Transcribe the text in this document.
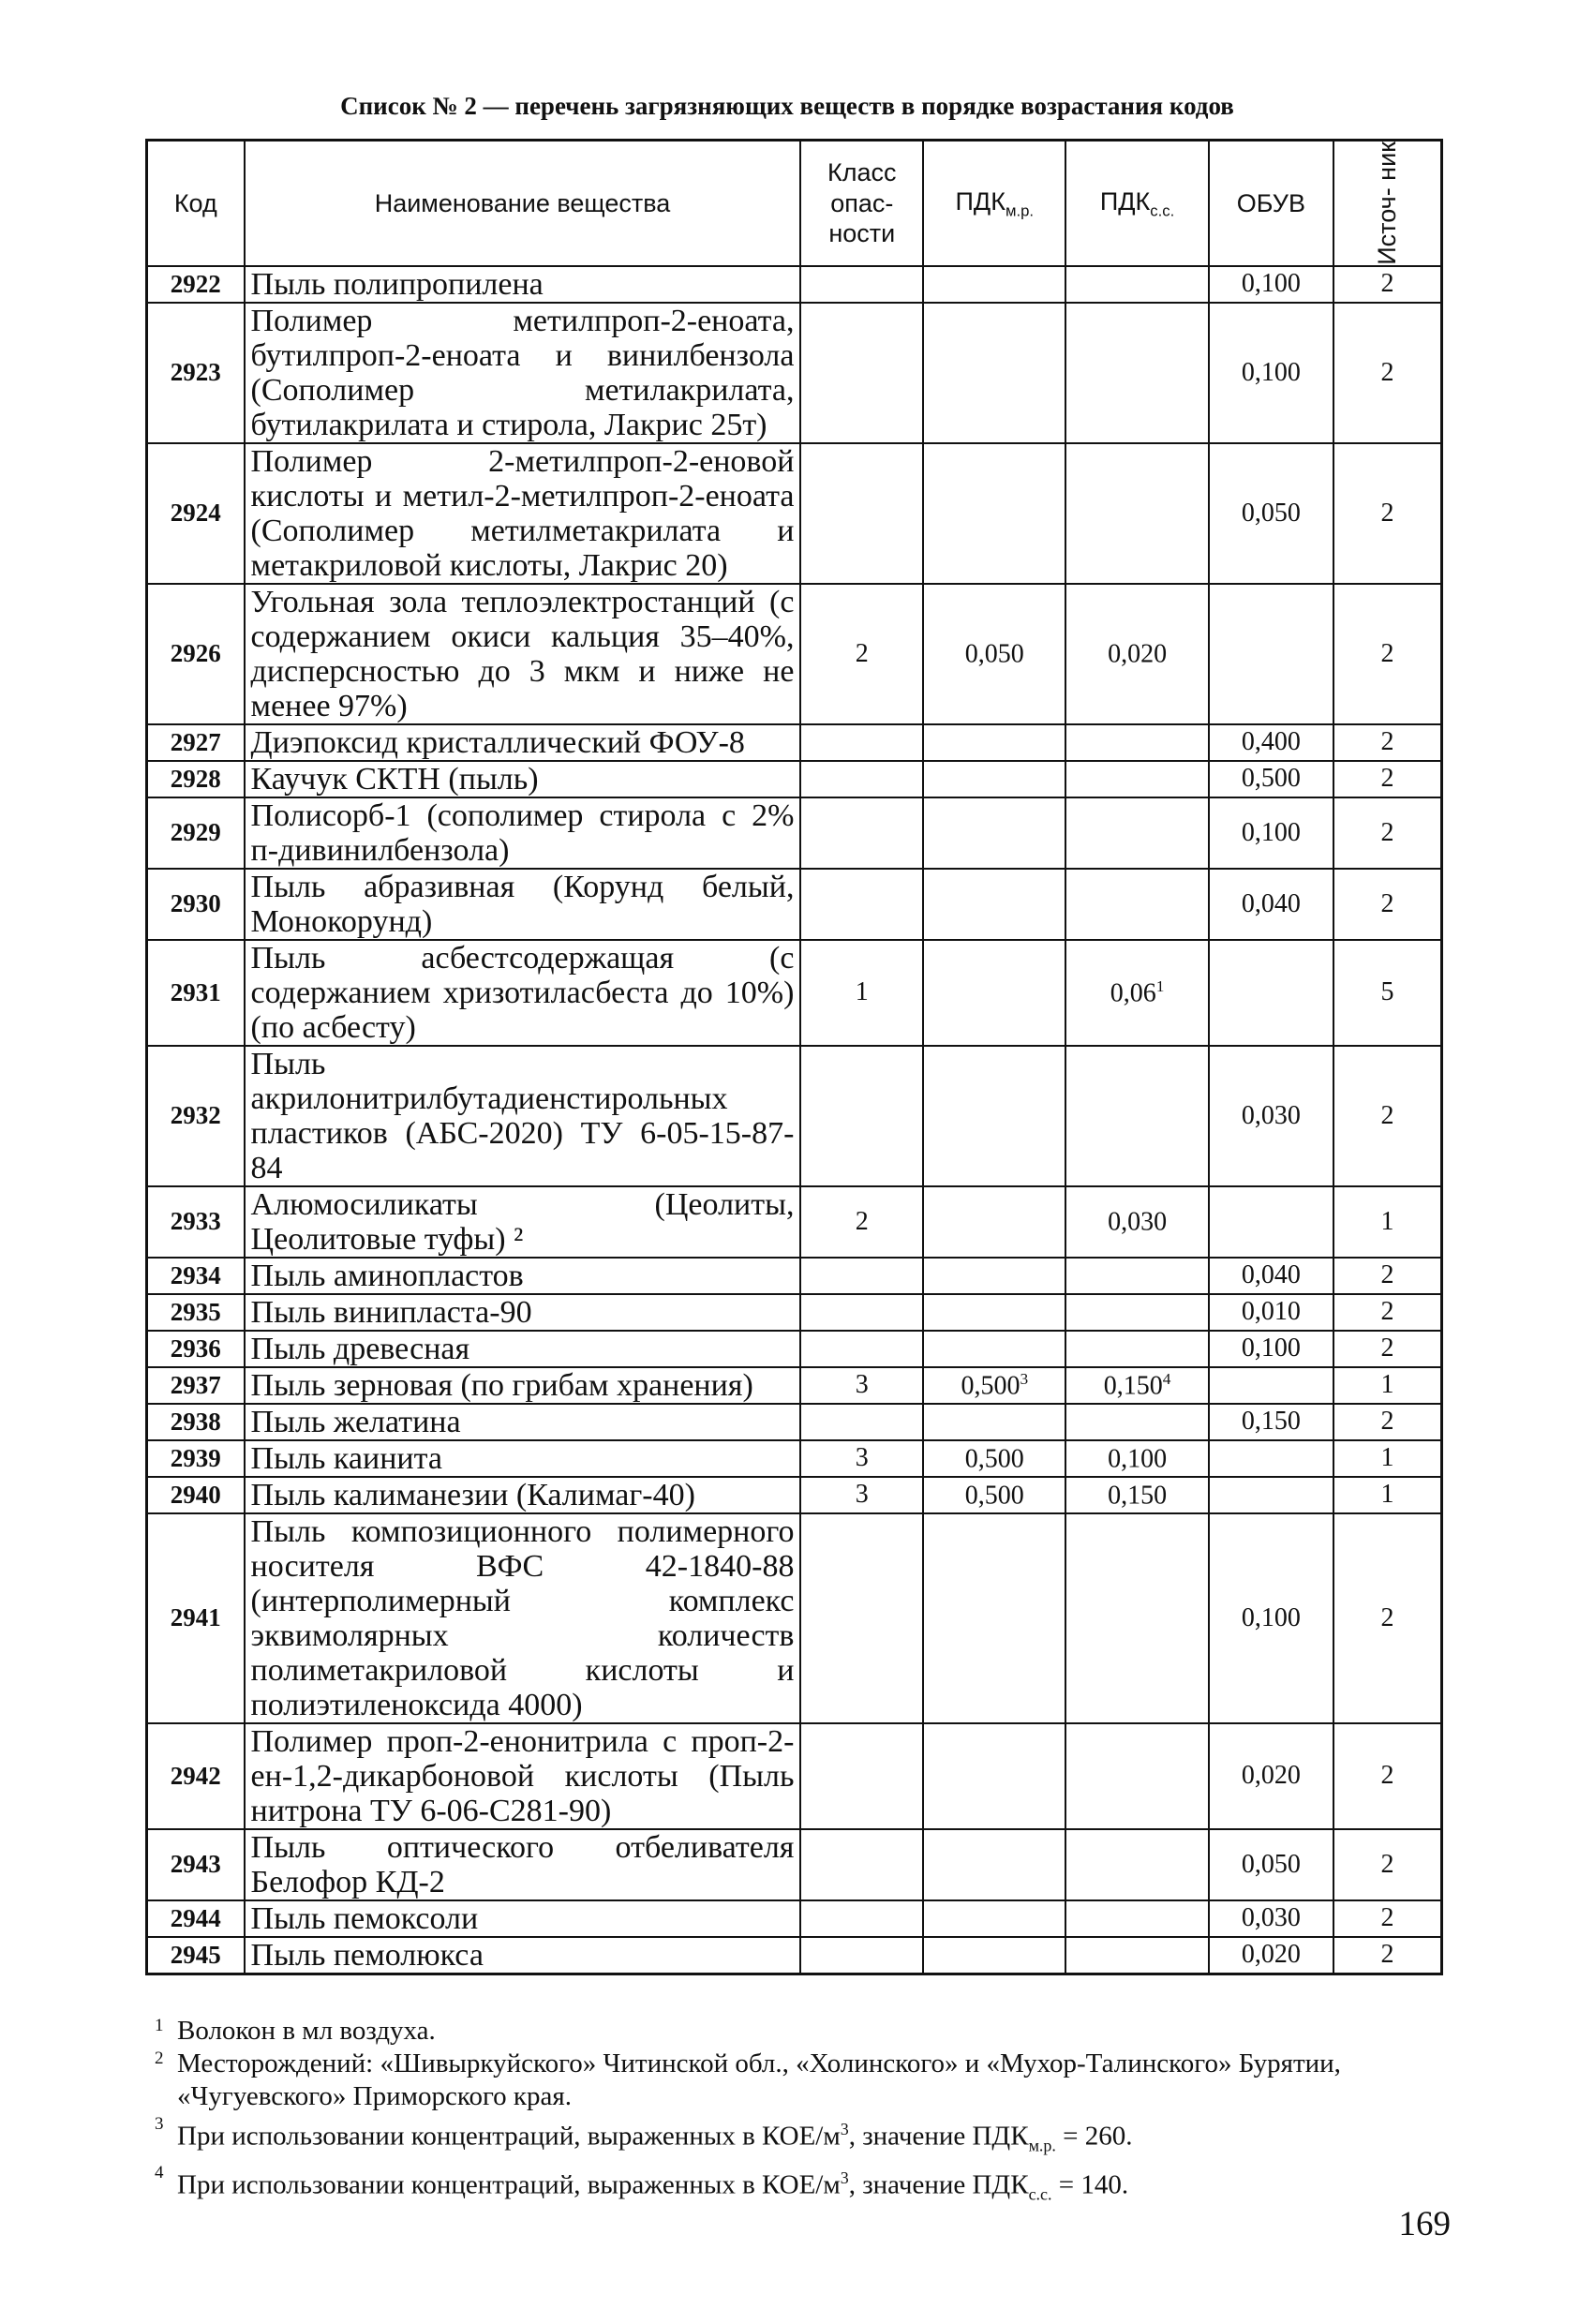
Список № 2 — перечень загрязняющих веществ в порядке возрастания кодов
Код	Наименование вещества	Класс опас- ности	$ПДК_{м.р.}$	$ПДК_{с.с.}$	ОБУВ	Источ- ник

2922	Пыль полипропилена				0,100	2
2923	Полимер метилпроп-2-еноата, бутилпроп-2-еноата и винилбензола (Сополимер метилакрилата, бутилакрилата и стирола, Лакрис 25т)				0,100	2
2924	Полимер 2-метилпроп-2-еновой кислоты и метил-2-метилпроп-2-еноата (Сополимер метилметакрилата и метакриловой кислоты, Лакрис 20)				0,050	2
2926	Угольная зола теплоэлектростанций (с содержанием окиси кальция 35–40%, дисперсностью до 3 мкм и ниже не менее 97%)	2	0,050	0,020		2
2927	Диэпоксид кристаллический ФОУ-8				0,400	2
2928	Каучук СКТН (пыль)				0,500	2
2929	Полисорб-1 (сополимер стирола с 2% п-дивинилбензола)				0,100	2
2930	Пыль абразивная (Корунд белый, Монокорунд)				0,040	2
2931	Пыль асбестсодержащая (с содержанием хризотиласбеста до 10%) (по асбесту)	1		0,06$^1$		5
2932	Пыль акрилонитрилбутадиенстирольных пластиков (АБС-2020) ТУ 6-05-15-87-84				0,030	2
2933	Алюмосиликаты (Цеолиты, Цеолитовые туфы) ²	2		0,030		1
2934	Пыль аминопластов				0,040	2
2935	Пыль винипласта-90				0,010	2
2936	Пыль древесная				0,100	2
2937	Пыль зерновая (по грибам хранения)	3	0,500$^3$	0,150$^4$		1
2938	Пыль желатина				0,150	2
2939	Пыль каинита	3	0,500	0,100		1
2940	Пыль калиманезии (Калимаг-40)	3	0,500	0,150		1
2941	Пыль композиционного полимерного носителя ВФС 42-1840-88 (интерполимерный комплекс эквимолярных количеств полиметакриловой кислоты и полиэтиленоксида 4000)				0,100	2
2942	Полимер проп-2-енонитрила с проп-2-ен-1,2-дикарбоновой кислоты (Пыль нитрона ТУ 6-06-С281-90)				0,020	2
2943	Пыль оптического отбеливателя Белофор КД-2				0,050	2
2944	Пыль пемоксоли				0,030	2
2945	Пыль пемолюкса				0,020	2
1 Волокон в мл воздуха.
2 Месторождений: «Шивыркуйского» Читинской обл., «Холинского» и «Мухор-Талинского» Бурятии, «Чугуевского» Приморского края.
3 При использовании концентраций, выраженных в КОЕ/$м^3$, значение $ПДК_{м.р.} = 260$.
4 При использовании концентраций, выраженных в КОЕ/$м^3$, значение $ПДК_{с.с.} = 140$.
169
